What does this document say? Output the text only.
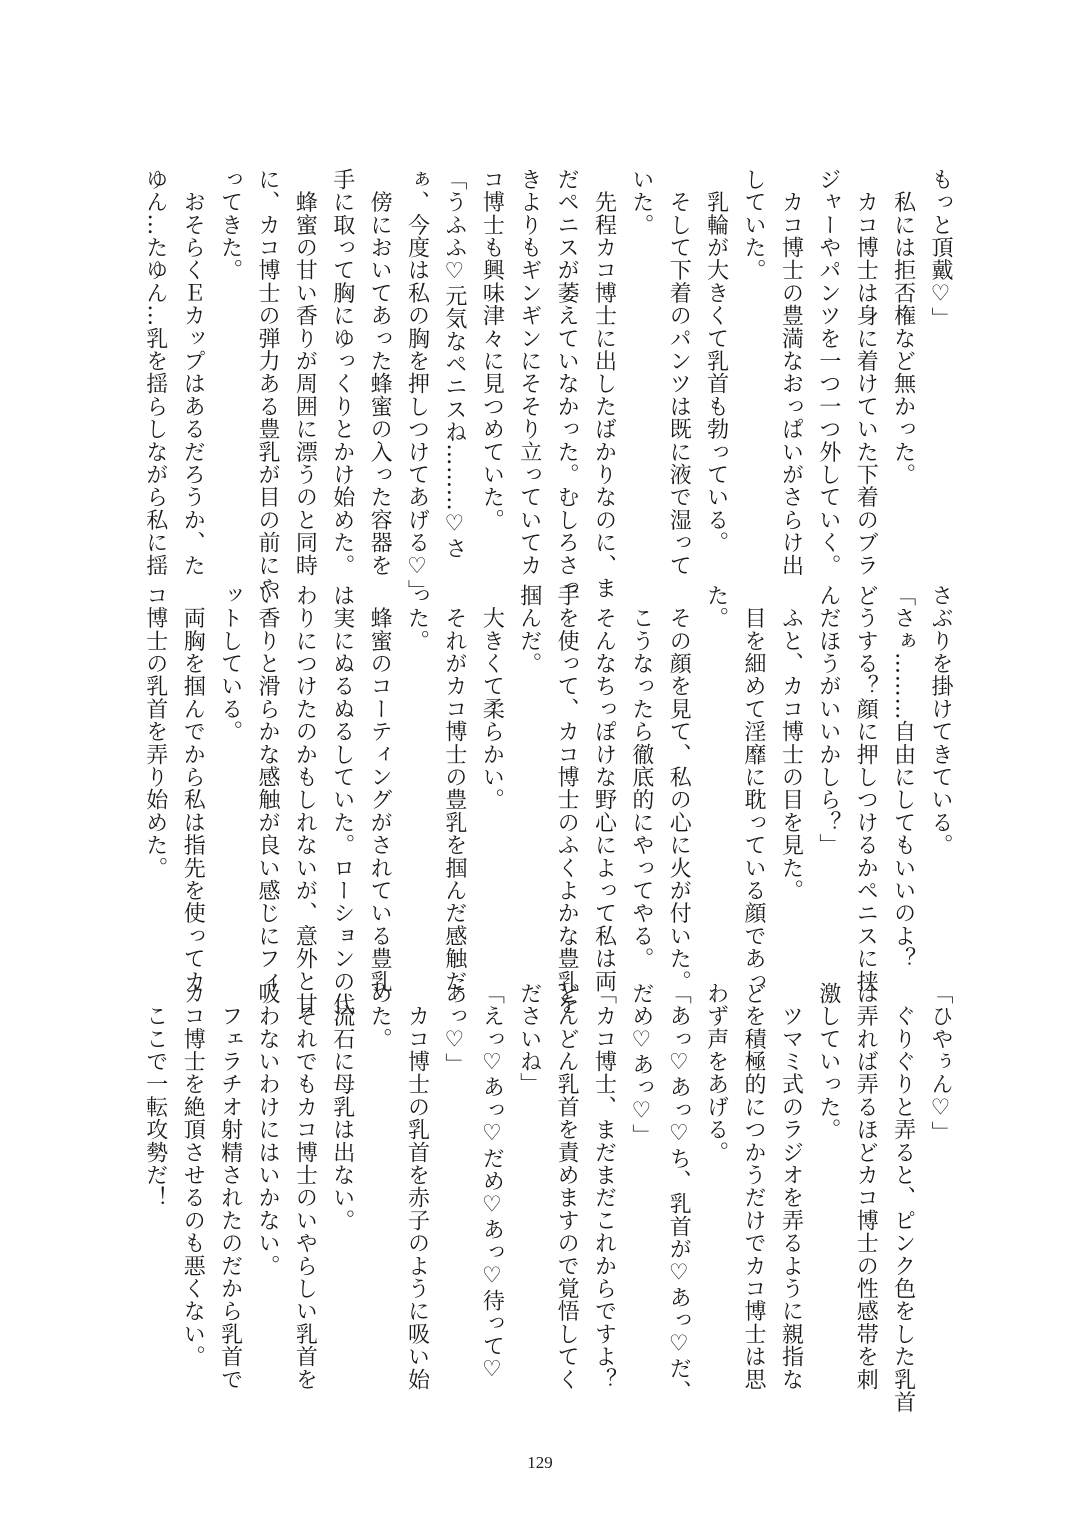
もっと頂戴♡」
　私には拒否権など無かった。
　カコ博士は身に着けていた下着のブラ
ジャーやパンツを一つ一つ外していく。
　カコ博士の豊満なおっぱいがさらけ出
していた。
　乳輪が大きくて乳首も勃っている。
　そして下着のパンツは既に液で湿って
いた。
　先程カコ博士に出したばかりなのに、ま
だペニスが萎えていなかった。むしろさっ
きよりもギンギンにそそり立っていてカ
コ博士も興味津々に見つめていた。
「うふふ♡元気なペニスね………♡さ
ぁ、今度は私の胸を押しつけてあげる♡」
　傍においてあった蜂蜜の入った容器を
手に取って胸にゆっくりとかけ始めた。
　蜂蜜の甘い香りが周囲に漂うのと同時
に、カコ博士の弾力ある豊乳が目の前にや
ってきた。
　おそらくＥカップはあるだろうか、た
ゆん…たゆん…乳を揺らしながら私に揺
さぶりを掛けてきている。
「さぁ………自由にしてもいいのよ？
どうする？顔に押しつけるかペニスに挟
んだほうがいいかしら？」
　ふと、カコ博士の目を見た。
　目を細めて淫靡に耽っている顔であっ
た。
　その顔を見て、私の心に火が付いた。
　こうなったら徹底的にやってやる。
　そんなちっぽけな野心によって私は両
手を使って、カコ博士のふくよかな豊乳を
掴んだ。
　大きくて柔らかい。
　それがカコ博士の豊乳を掴んだ感触だ
った。
　蜂蜜のコーティングがされている豊乳
は実にぬるぬるしていた。ローションの代
わりにつけたのかもしれないが、意外と甘
い香りと滑らかな感触が良い感じにフィ
ットしている。
　両胸を掴んでから私は指先を使ってカ
コ博士の乳首を弄り始めた。
「ひやぅん♡」
　ぐりぐりと弄ると、ピンク色をした乳首
は弄れば弄るほどカコ博士の性感帯を刺
激していった。
　ツマミ式のラジオを弄るように親指な
どを積極的につかうだけでカコ博士は思
わず声をあげる。
「あっ♡あっ♡ち、乳首が♡あっ♡だ、
だめ♡あっ♡」
「カコ博士、まだまだこれからですよ？
どんどん乳首を責めますので覚悟してく
ださいね」
「えっ♡あっ♡だめ♡あっ♡待って♡
あっ♡」
　カコ博士の乳首を赤子のように吸い始
めた。
　流石に母乳は出ない。
　それでもカコ博士のいやらしい乳首を
吸わないわけにはいかない。
　フェラチオ射精されたのだから乳首で
カコ博士を絶頂させるのも悪くない。
　ここで一転攻勢だ！
129
